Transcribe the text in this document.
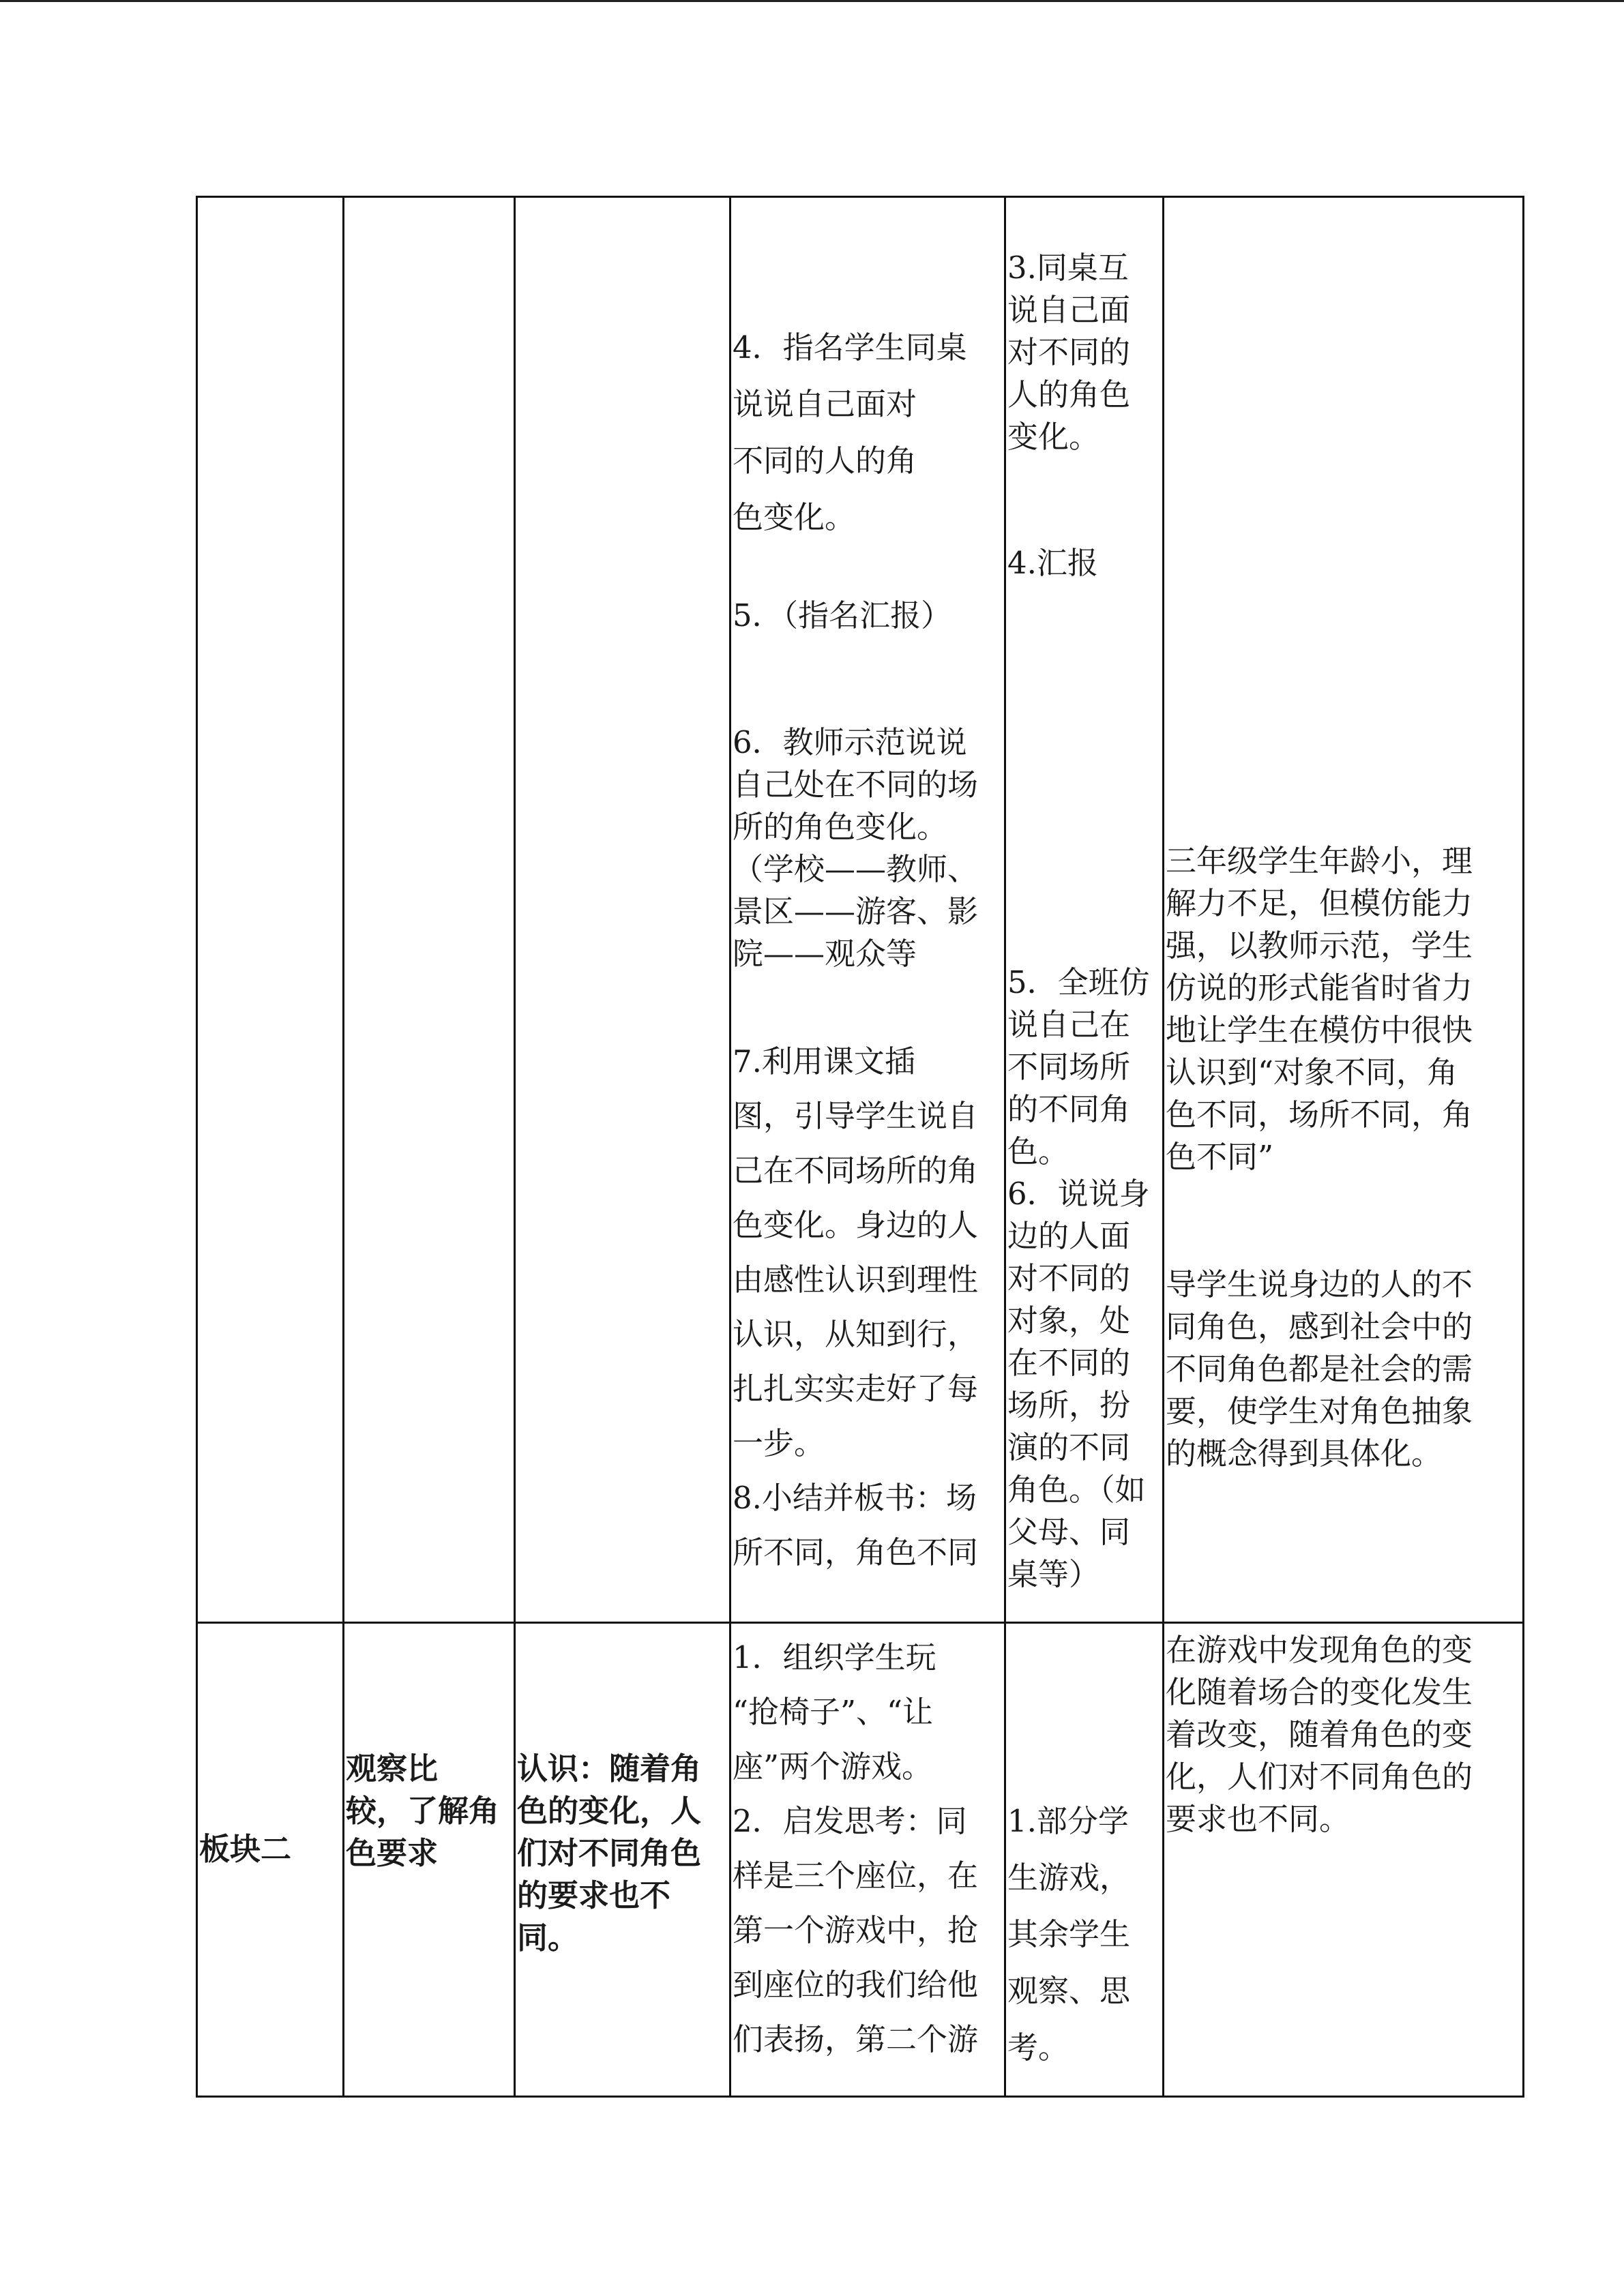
4．指名学生同桌
说说自己面对
不同的人的角
色变化。
5．（指名汇报）
6．教师示范说说
自己处在不同的场
所的角色变化。
（学校——教师、
景区——游客、影
院——观众等
7.利用课文插
图，引导学生说自
己在不同场所的角
色变化。身边的人
由感性认识到理性
认识，从知到行，
扎扎实实走好了每
一步。
8.小结并板书：场
所不同，角色不同
3.同桌互
说自己面
对不同的
人的角色
变化。
4.汇报
5．全班仿
说自己在
不同场所
的不同角
色。
6．说说身
边的人面
对不同的
对象，处
在不同的
场所，扮
演的不同
角色。（如
父母、同
桌等）
三年级学生年龄小，理
解力不足，但模仿能力
强，以教师示范，学生
仿说的形式能省时省力
地让学生在模仿中很快
认识到“对象不同，角
色不同，场所不同，角
色不同”
导学生说身边的人的不
同角色，感到社会中的
不同角色都是社会的需
要，使学生对角色抽象
的概念得到具体化。
板块二
观察比
较，了解角
色要求
认识：随着角
色的变化，人
们对不同角色
的要求也不
同。
1．组织学生玩
“抢椅子”、“让
座”两个游戏。
2．启发思考：同
样是三个座位，在
第一个游戏中，抢
到座位的我们给他
们表扬，第二个游
1.部分学
生游戏，
其余学生
观察、思
考。
在游戏中发现角色的变
化随着场合的变化发生
着改变，随着角色的变
化，人们对不同角色的
要求也不同。
